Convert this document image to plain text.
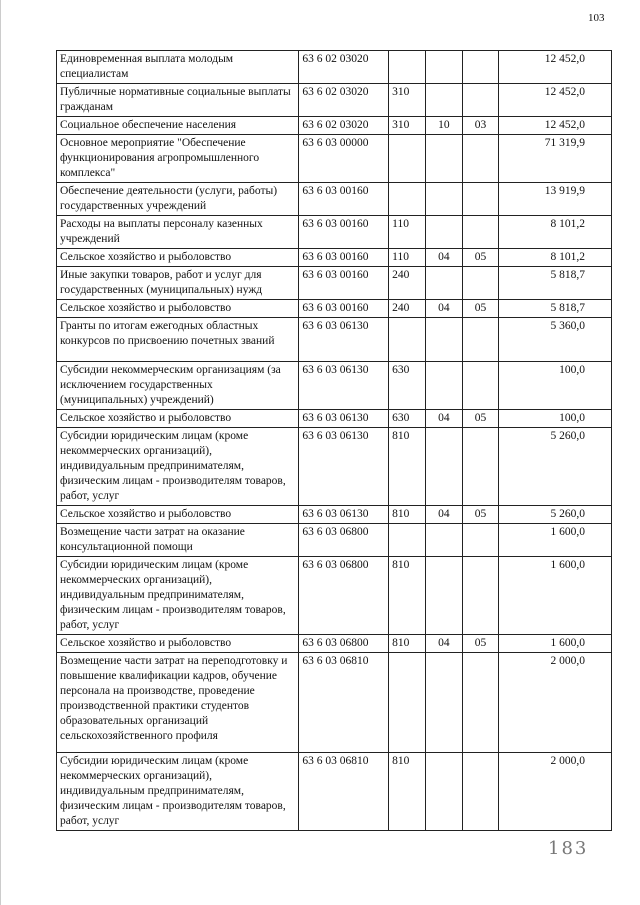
103
Единовременная выплата молодым специалистам	63 6 02 03020				12 452,0
Публичные нормативные социальные выплаты гражданам	63 6 02 03020	310			12 452,0
Социальное обеспечение населения	63 6 02 03020	310	10	03	12 452,0
Основное мероприятие "Обеспечение функционирования агропромышленного комплекса"	63 6 03 00000				71 319,9
Обеспечение деятельности (услуги, работы) государственных учреждений	63 6 03 00160				13 919,9
Расходы на выплаты персоналу казенных учреждений	63 6 03 00160	110			8 101,2
Сельское хозяйство и рыболовство	63 6 03 00160	110	04	05	8 101,2
Иные закупки товаров, работ и услуг для государственных (муниципальных) нужд	63 6 03 00160	240			5 818,7
Сельское хозяйство и рыболовство	63 6 03 00160	240	04	05	5 818,7
Гранты по итогам ежегодных областных конкурсов по присвоению почетных званий	63 6 03 06130				5 360,0
Субсидии некоммерческим организациям (за исключением государственных (муниципальных) учреждений)	63 6 03 06130	630			100,0
Сельское хозяйство и рыболовство	63 6 03 06130	630	04	05	100,0
Субсидии юридическим лицам (кроме некоммерческих организаций), индивидуальным предпринимателям, физическим лицам - производителям товаров, работ, услуг	63 6 03 06130	810			5 260,0
Сельское хозяйство и рыболовство	63 6 03 06130	810	04	05	5 260,0
Возмещение части затрат на оказание консультационной помощи	63 6 03 06800				1 600,0
Субсидии юридическим лицам (кроме некоммерческих организаций), индивидуальным предпринимателям, физическим лицам - производителям товаров, работ, услуг	63 6 03 06800	810			1 600,0
Сельское хозяйство и рыболовство	63 6 03 06800	810	04	05	1 600,0
Возмещение части затрат на переподготовку и повышение квалификации кадров, обучение персонала на производстве, проведение производственной практики студентов образовательных организаций сельскохозяйственного профиля	63 6 03 06810				2 000,0
Субсидии юридическим лицам (кроме некоммерческих организаций), индивидуальным предпринимателям, физическим лицам - производителям товаров, работ, услуг	63 6 03 06810	810			2 000,0
183
